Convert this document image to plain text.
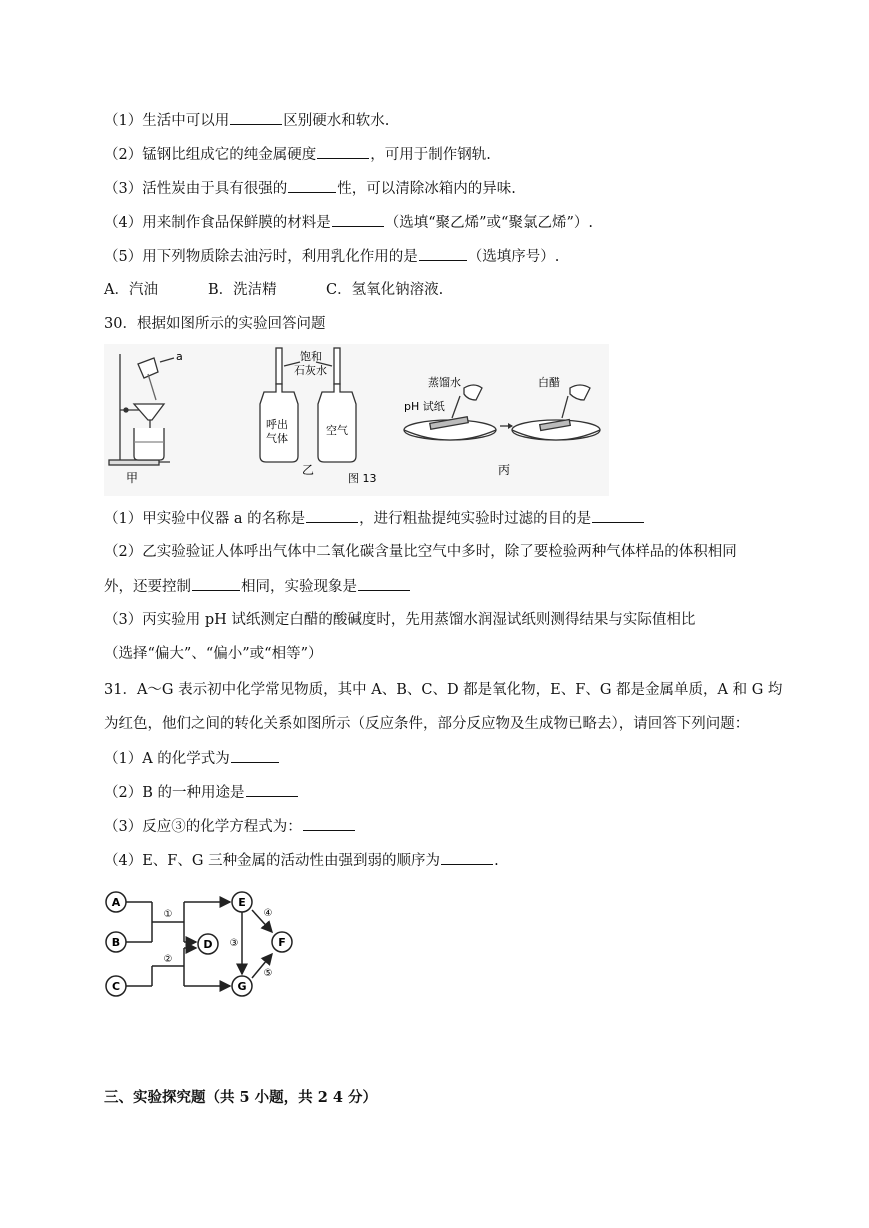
（1）生活中可以用	区别硬水和软水.
（2）锰钢比组成它的纯金属硬度	，可用于制作钢轨.
（3）活性炭由于具有很强的	性，可以清除冰箱内的异味.
（4）用来制作食品保鲜膜的材料是	（选填“聚乙烯”或“聚氯乙烯”）.
（5）用下列物质除去油污时，利用乳化作用的是	（选填序号）.
A．汽油	B．洗洁精	C．氢氧化钠溶液.
30．根据如图所示的实验回答问题
a
甲
饱和
石灰水
呼出
气体
空气
乙
图 13
蒸馏水
pH 试纸
白醋
丙
（1）甲实验中仪器 a 的名称是	，进行粗盐提纯实验时过滤的目的是
（2）乙实验验证人体呼出气体中二氧化碳含量比空气中多时，除了要检验两种气体样品的体积相同
外，还要控制	相同，实验现象是
（3）丙实验用 pH 试纸测定白醋的酸碱度时，先用蒸馏水润湿试纸则测得结果与实际值相比
（选择“偏大”、“偏小”或“相等”）
31．A～G 表示初中化学常见物质，其中 A、B、C、D 都是氧化物，E、F、G 都是金属单质，A 和 G 均
为红色，他们之间的转化关系如图所示（反应条件，部分反应物及生成物已略去），请回答下列问题：
（1）A 的化学式为
（2）B 的一种用途是
（3）反应③的化学方程式为：
（4）E、F、G 三种金属的活动性由强到弱的顺序为	.
A
B
C
D
E
F
G
①
②
③
④
⑤
三、实验探究题（共 5 小题，共 2 4 分）
